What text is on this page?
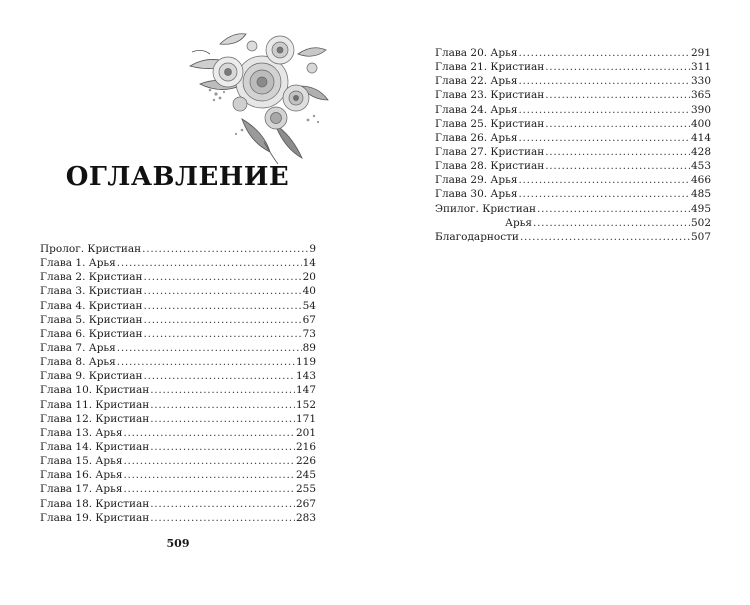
ОГЛАВЛЕНИЕ
Пролог. Кристиан . . .	9
Глава 1. Арья . . .	14
Глава 2. Кристиан . . .	20
Глава 3. Кристиан . . .	40
Глава 4. Кристиан . . .	54
Глава 5. Кристиан . . .	67
Глава 6. Кристиан . . .	73
Глава 7. Арья . . .	89
Глава 8. Арья . . .	119
Глава 9. Кристиан . . .	143
Глава 10. Кристиан . . .	147
Глава 11. Кристиан . . .	152
Глава 12. Кристиан . . .	171
Глава 13. Арья . . .	201
Глава 14. Кристиан . . .	216
Глава 15. Арья . . .	226
Глава 16. Арья . . .	245
Глава 17. Арья . . .	255
Глава 18. Кристиан . . .	267
Глава 19. Кристиан . . .	283
509
Глава 20. Арья . . .	291
Глава 21. Кристиан . . .	311
Глава 22. Арья . . .	330
Глава 23. Кристиан . . .	365
Глава 24. Арья . . .	390
Глава 25. Кристиан . . .	400
Глава 26. Арья . . .	414
Глава 27. Кристиан . . .	428
Глава 28. Кристиан . . .	453
Глава 29. Арья . . .	466
Глава 30. Арья . . .	485
Эпилог. Кристиан . . .	495
Арья . . .	502
Благодарности . . .	507
